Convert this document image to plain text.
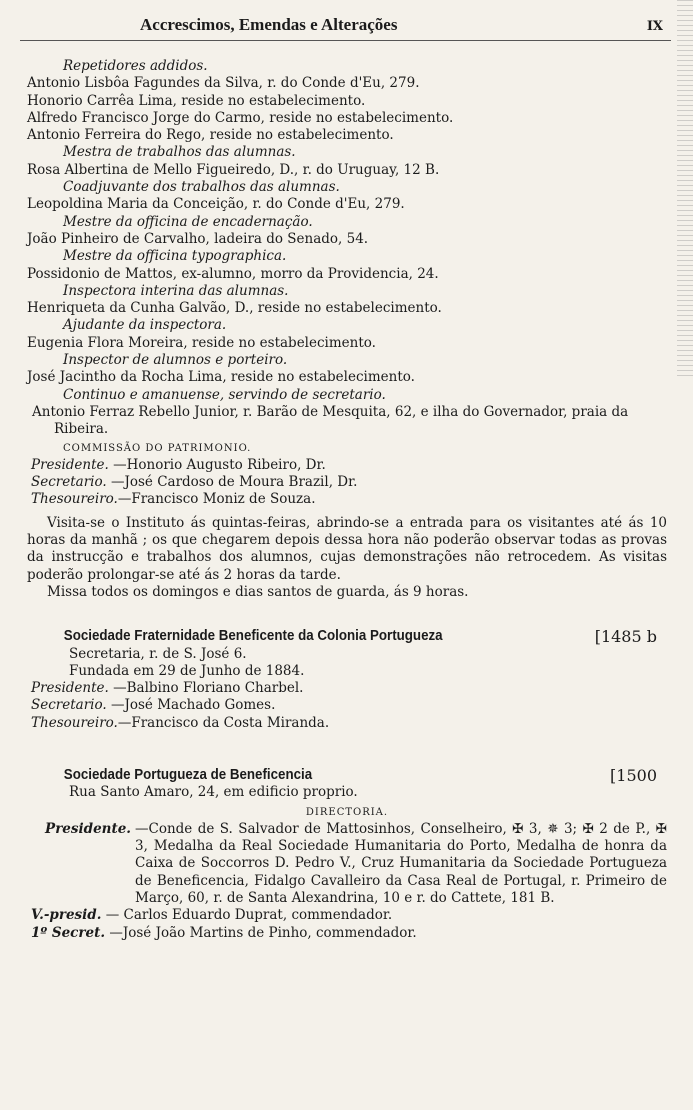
Accrescimos, Emendas e Alterações	IX
Repetidores addidos.
Antonio Lisbôa Fagundes da Silva, r. do Conde d'Eu, 279.
Honorio Carrêa Lima, reside no estabelecimento.
Alfredo Francisco Jorge do Carmo, reside no estabelecimento.
Antonio Ferreira do Rego, reside no estabelecimento.
Mestra de trabalhos das alumnas.
Rosa Albertina de Mello Figueiredo, D., r. do Uruguay, 12 B.
Coadjuvante dos trabalhos das alumnas.
Leopoldina Maria da Conceição, r. do Conde d'Eu, 279.
Mestre da officina de encadernação.
João Pinheiro de Carvalho, ladeira do Senado, 54.
Mestre da officina typographica.
Possidonio de Mattos, ex-alumno, morro da Providencia, 24.
Inspectora interina das alumnas.
Henriqueta da Cunha Galvão, D., reside no estabelecimento.
Ajudante da inspectora.
Eugenia Flora Moreira, reside no estabelecimento.
Inspector de alumnos e porteiro.
José Jacintho da Rocha Lima, reside no estabelecimento.
Continuo e amanuense, servindo de secretario.
Antonio Ferraz Rebello Junior, r. Barão de Mesquita, 62, e ilha do Governador, praia da Ribeira.
COMMISSÃO DO PATRIMONIO.
Presidente. —Honorio Augusto Ribeiro, Dr.
Secretario. —José Cardoso de Moura Brazil, Dr.
Thesoureiro.—Francisco Moniz de Souza.
Visita-se o Instituto ás quintas-feiras, abrindo-se a entrada para os visitantes até ás 10 horas da manhã ; os que chegarem depois dessa hora não poderão observar todas as provas da instrucção e trabalhos dos alumnos, cujas demonstrações não retrocedem. As visitas poderão prolongar-se até ás 2 horas da tarde.
Missa todos os domingos e dias santos de guarda, ás 9 horas.
Sociedade Fraternidade Beneficente da Colonia Portugueza	[1485 b
Secretaria, r. de S. José 6.
Fundada em 29 de Junho de 1884.
Presidente. —Balbino Floriano Charbel.
Secretario. —José Machado Gomes.
Thesoureiro.—Francisco da Costa Miranda.
Sociedade Portugueza de Beneficencia	[1500
Rua Santo Amaro, 24, em edificio proprio.
DIRECTORIA.
Presidente. —Conde de S. Salvador de Mattosinhos, Conselheiro, ✠ 3, ✵ 3; ✠ 2 de P., ✠ 3, Medalha da Real Sociedade Humanitaria do Porto, Medalha de honra da Caixa de Soccorros D. Pedro V., Cruz Humanitaria da Sociedade Portugueza de Beneficencia, Fidalgo Cavalleiro da Casa Real de Portugal, r. Primeiro de Março, 60, r. de Santa Alexandrina, 10 e r. do Cattete, 181 B.
V.-presid. — Carlos Eduardo Duprat, commendador.
1º Secret. —José João Martins de Pinho, commendador.
